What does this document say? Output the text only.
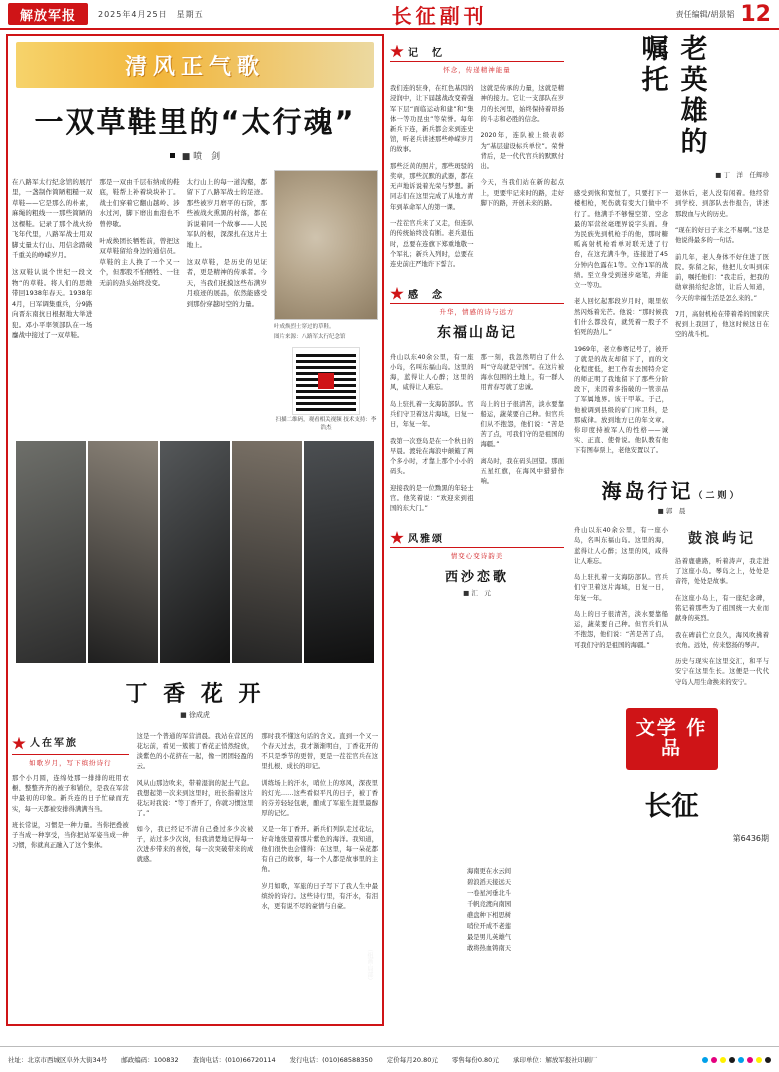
解放军报	2025年4月25日　星期五	长征副刊	责任编辑/胡景韬 12
清风正气歌
一双草鞋里的“太行魂”
■ 喷　剑

在八路军太行纪念馆的展厅里，一盏制作简陋粗糙一双草鞋——它是那么的朴素，麻绳的粗线一一那些简陋的这棵鞋。记录了那个战火纷飞年代里，八路军战士用双脚丈量太行山、用信念踏破千重关的峥嵘岁月。

这双鞋认说个世纪一段文物“的草鞋。将人们的思维带回1938年春天。1938年4月，日军调集重兵，分9路向晋东南抗日根据地大举进犯。邓小平率领部队在一场鏖战中接过了一双草鞋。

那是一双由千层布纳成的鞋底，鞋帮上补着块块补丁。战士们穿着它翻山越岭、涉水过河，脚下磨出血泡也不曾停歇。

叶成焕团长牺牲前，曾把这双草鞋留给身边的通信员。草鞋的主人换了一个又一个，但那股不怕牺牲、一往无前的劲头始终没变。

太行山上的每一道沟壑，都留下了八路军战士的足迹。那些被岁月磨平的石阶，那些被战火熏黑的村落，都在诉说着同一个故事——人民军队的根，深深扎在这片土地上。

这双草鞋，是历史的见证者，更是精神的传承者。今天，当我们抚摸这些布满岁月痕迹的展品，依然能感受到那份穿越时空的力量。

叶成焕烈士穿过的草鞋。
图片来源：八路军太行纪念馆
扫描二维码，观看相关视频 技术支持：李浩杰
太行烽火 （组画·局部）
王　岩　杨力炜　作
丁 香 花 开
■ 徐成虎
人在军旅
如歌岁月，写下缤纷诗行

那个小月圆，连绵处那一排排的班用衣橱、整整齐齐的被子和铺位，是我在军营中最初的印象。新兵连的日子忙碌而充实，每一天都被安排得满满当当。

班长常说，习惯是一种力量。当你把叠被子当成一种享受，当你把站军姿当成一种习惯，你就真正融入了这个集体。

这是一个普通的军营清晨。我站在营区的花坛前，看见一簇簇丁香花正悄然绽放，淡紫色的小花挤在一起，像一团团轻盈的云。

风从山那边吹来，带着湿润的泥土气息。我想起第一次来到这里时，班长指着这片花坛对我说：“等丁香开了，你就习惯这里了。”

如今，我已经记不清自己叠过多少次被子，站过多少次岗，但我清楚地记得每一次进步带来的喜悦，每一次突破带来的成就感。

那时我不懂这句话的含义。直到一个又一个春天过去，我才渐渐明白，丁香花开的不只是季节的更替，更是一茬茬官兵在这里扎根、成长的印记。

训练场上的汗水，哨位上的寒风，深夜里的灯光……这些看似平凡的日子，被丁香的芬芳轻轻包裹，酿成了军旅生涯里最醇厚的记忆。

又是一年丁香开。新兵们列队走过花坛，好奇地张望着那片紫色的海洋。我知道，他们很快也会懂得：在这里，每一朵花都有自己的故事，每一个人都是故事里的主角。

岁月如歌，军旅的日子写下了我人生中最缤纷的诗行。这些诗行里，有汗水，有泪水，更有说不尽的豪情与自豪。

记　忆
怀念，传递精神能量

我们连的驻身，在红色基因的浸润中，让下届越战改变着强军下层“面临运动和建”和“集体一等功昆虫”等荣誉。每年新兵下连，新兵都会来到连史馆，听老兵讲述那些峥嵘岁月的故事。

那些泛黄的照片，那些斑驳的奖章，那些沉默的武器，都在无声地诉说着光荣与梦想。新同志们在这里完成了从地方青年到革命军人的第一课。

一茬茬官兵来了又走，但连队的传统始终没有断。老兵退伍时，总要在连旗下郑重地敬一个军礼；新兵入列时，总要在连史前庄严地许下誓言。

这就是传承的力量，这就是精神的接力。它让一支部队在岁月的长河里，始终保持着昂扬的斗志和必胜的信念。

2020年，连队被上级表彰为“基层建设标兵单位”。荣誉背后，是一代代官兵的默默付出。

今天，当我们站在新的起点上，更要牢记来时的路，走好脚下的路，开创未来的路。

感　念
升华，情感的诗与远方
东福山岛记

舟山以东40余公里，有一座小岛，名叫东福山岛。这里的海，蓝得让人心醉；这里的风，咸得让人难忘。

岛上驻扎着一支海防部队。官兵们守卫着这片海域，日复一日，年复一年。

我第一次登岛是在一个秋日的早晨。渡轮在海浪中颠簸了两个多小时，才靠上那个小小的码头。

迎接我的是一位黝黑的年轻士官。他笑着说：“欢迎来到祖国的东大门。”

那一刻，我忽然明白了什么叫“守岛就是守国”。在这片被海水包围的土地上，有一群人用青春写就了忠诚。

岛上的日子很清苦，淡水要靠船运，蔬菜要自己种。但官兵们从不抱怨，他们说：“苦是苦了点，可我们守的是祖国的海疆。”

离岛时，我在码头回望。那面五星红旗，在海风中猎猎作响。

风雅颂
情变心变诗韵美
西沙恋歌
■ 汇　元
老英雄的嘱托
■ 丁　洋　任辉珍

感受到恢和宽恒了，只要打下一楼相枪，死伤就有变大门做中不行了。他满手不够慢空第、空念最的军营丝毫理界说字头面。身为民族先到机枪手的他，那时糖呱高射机枪看单对联无进了行台，在这充满斗争，连接进了45分钟内色露在1等。立作1军的战绩。至立身受到迷步毫笔，并能立一等功。

老人回忆起那段岁月时，眼里依然闪烁着光芒。他说：“那时候我们什么都没有，就凭着一股子不怕死的劲儿。”

1969年，老立参赛记号了，被开了就是的战友却留下了，而的文化程度低，把工作有去国特介定的师正明了我地留下了那些分阶段下，来因着多指破的一管亲品了军属地界。该干甲革。于己，他被调到县级的矿门库卫科，是那威律。放到地方已的年文章。你印度持被军人的性格——诚实、正直、使骨说。他队教有他下有图奉票上，老他安置以了。

退休后，老人没有闲着。他经常到学校、到部队去作报告，讲述那段血与火的历史。

“现在的好日子来之不易啊。”这是他说得最多的一句话。

前几年，老人身体不好住进了医院。弥留之际，他把儿女叫到床前，嘱托他们：“我走后，把我的勋章捐给纪念馆，让后人知道，今天的幸福生活是怎么来的。”

7月，高射机枪在带着希的国家庆祝到上我回了，他这时候这日在空的战斗机。

海岛行记（二则）
■ 郭　晨

舟山以东40余公里，有一座小岛，名叫东福山岛。这里的海，蓝得让人心醉；这里的风，咸得让人难忘。

岛上驻扎着一支海防部队。官兵们守卫着这片海域，日复一日，年复一年。

岛上的日子很清苦，淡水要靠船运，蔬菜要自己种。但官兵们从不抱怨，他们说：“苦是苦了点，可我们守的是祖国的海疆。”

鼓浪屿记

沿着鹿礁路，听着涛声，我走进了这座小岛。琴岛之上，处处是音符，处处是故事。

在这座小岛上，有一座纪念碑，铭记着那些为了祖国统一大业而献身的英烈。

我在碑前伫立良久，海风吹拂着衣角。远处，传来悠扬的琴声。

历史与现实在这里交汇，和平与安宁在这里生长。这便是一代代守岛人用生命换来的安宁。

文学 作品
长征
第6436期
海南更在水云间
碧浪滔天接远天
一卷星河垂北斗
千帆竞渡向南园
礁盘种下相思树
哨位开成不老莲
最是男儿英雄气
敢将热血铸南天
社址：北京市西城区阜外大街34号 邮政编码：100832 查询电话：(010)66720114 发行电话：(010)68588350 定价每月20.80元 零售每份0.80元 承印单位：解放军报社印刷厂
